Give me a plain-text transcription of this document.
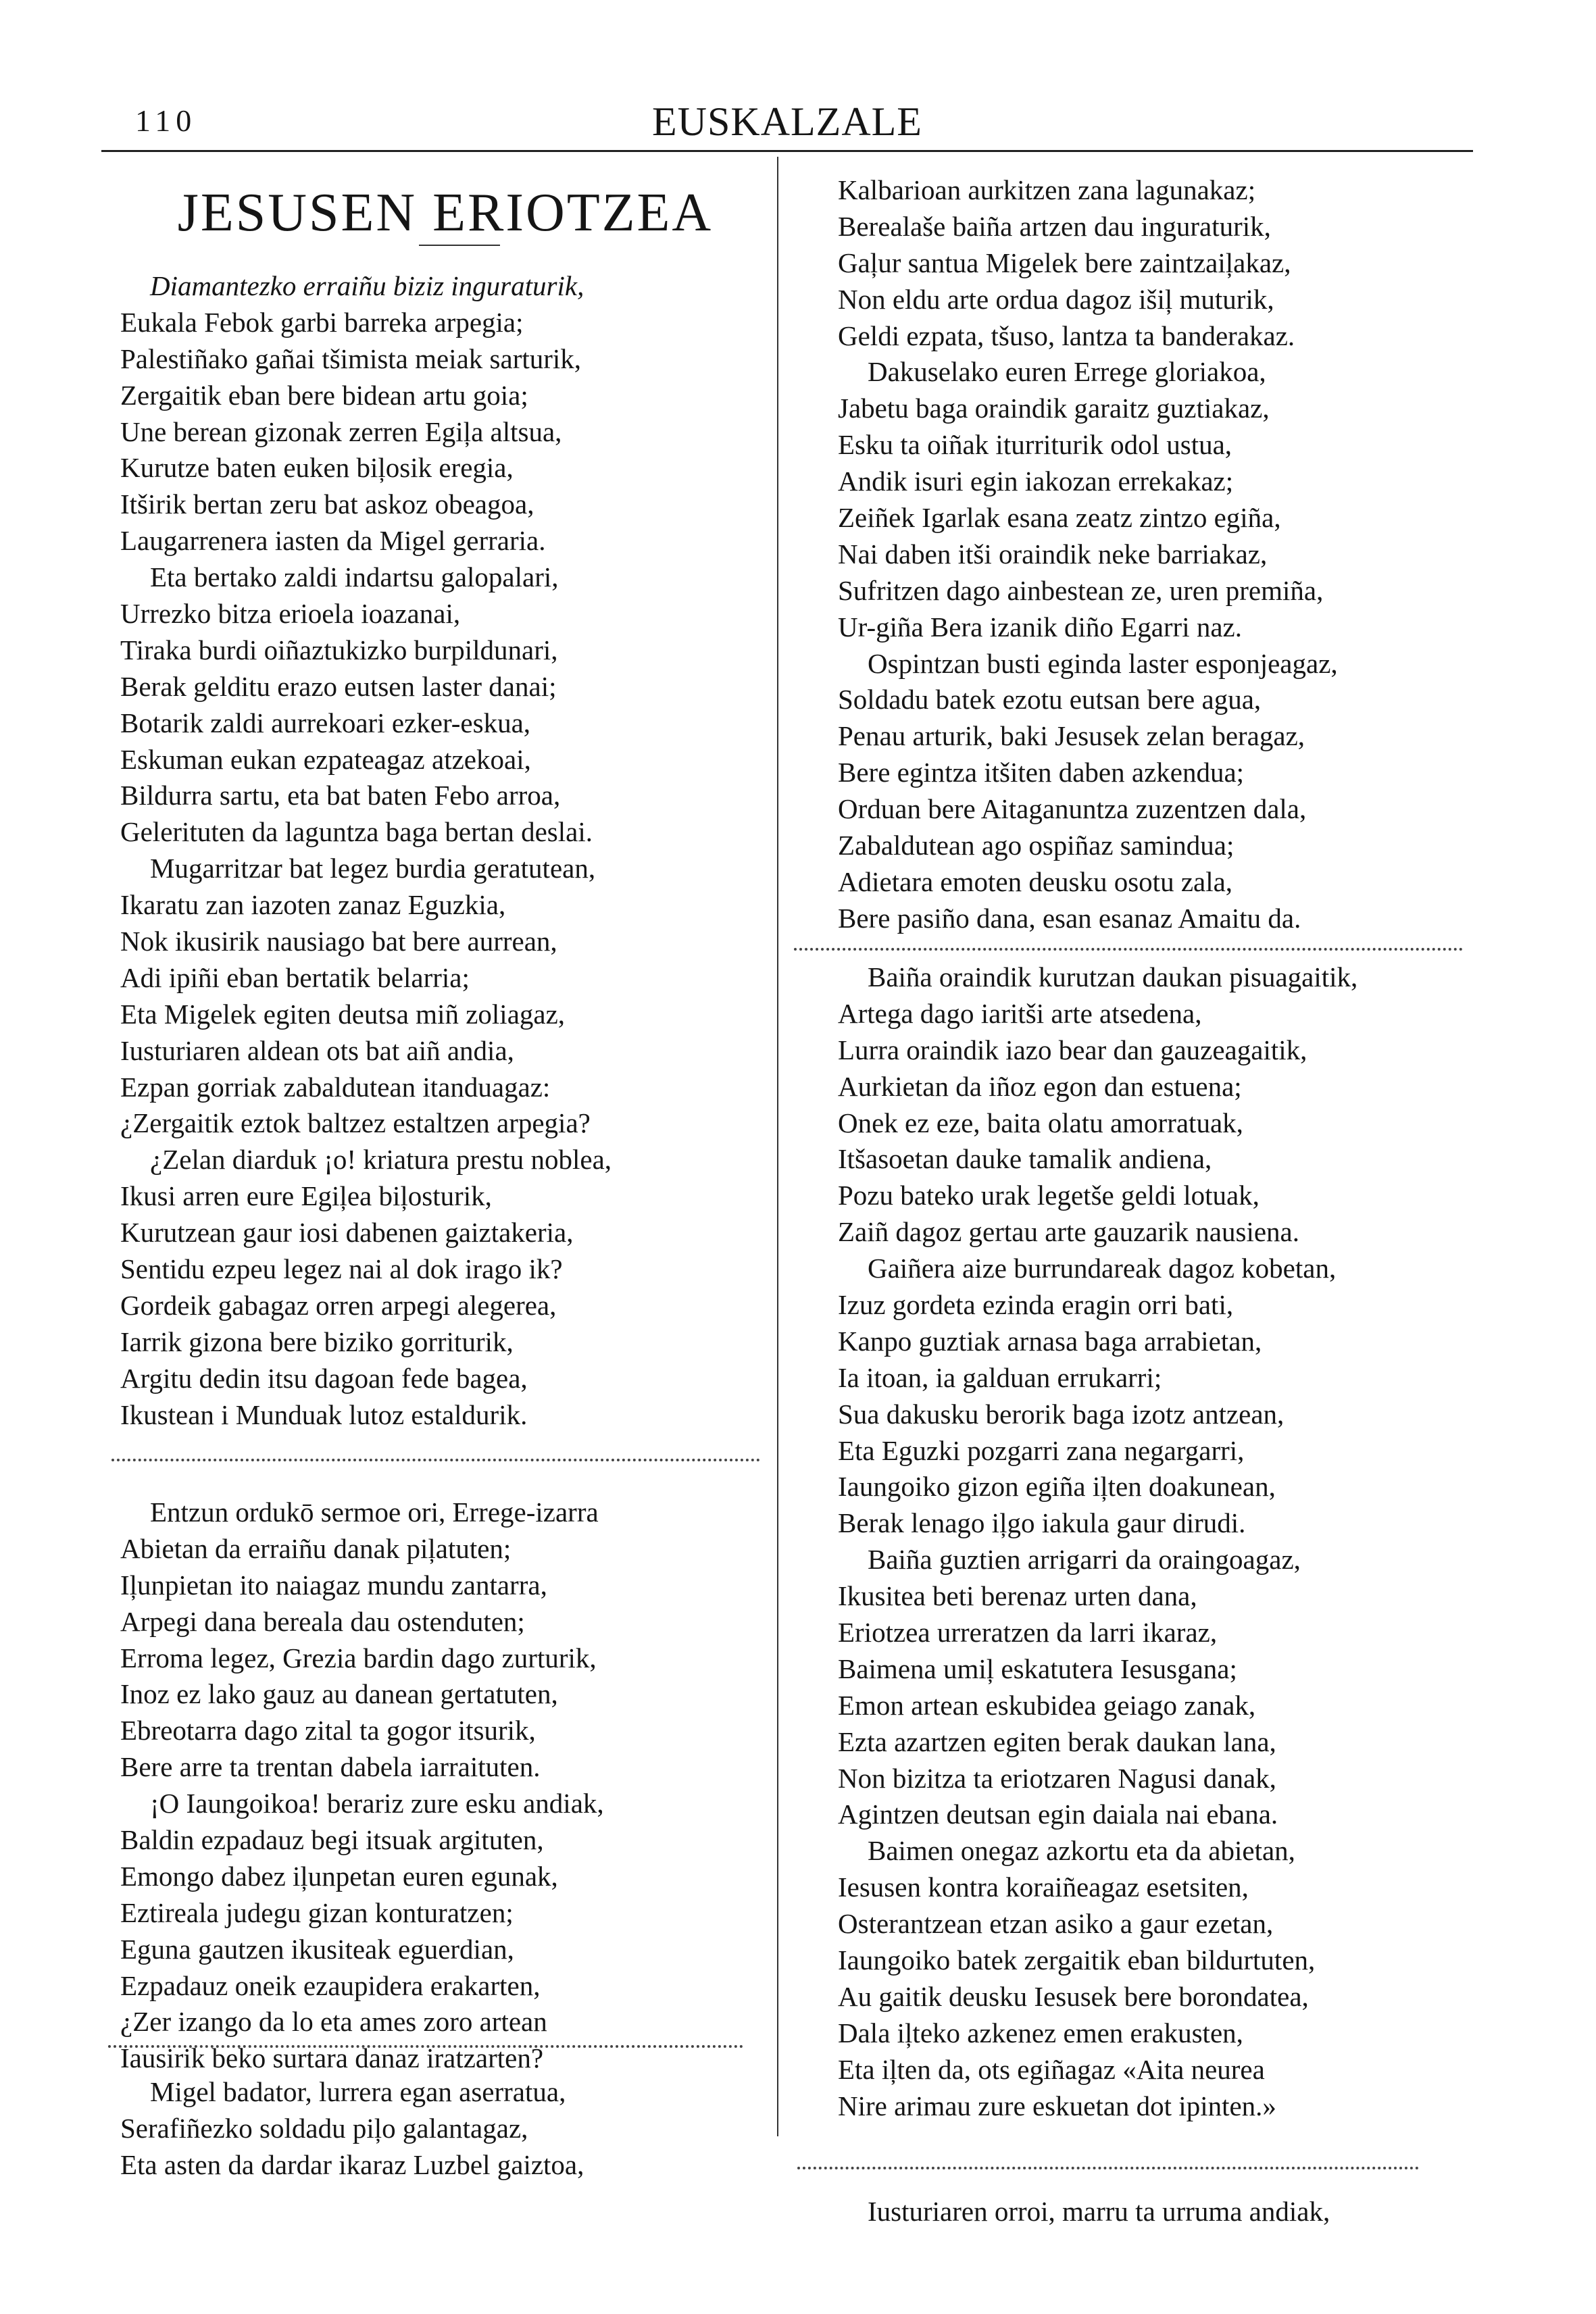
110	EUSKALZALE
JESUSEN ERIOTZEA
Diamantezko erraiñu biziz inguraturik,
Eukala Febok garbi barreka arpegia;
Palestiñako gañai tšimista meiak sarturik,
Zergaitik eban bere bidean artu goia;
Une berean gizonak zerren Egiļa altsua,
Kurutze baten euken biļosik eregia,
Itširik bertan zeru bat askoz obeagoa,
Laugarrenera iasten da Migel gerraria.
Eta bertako zaldi indartsu galopalari,
Urrezko bitza erioela ioazanai,
Tiraka burdi oiñaztukizko burpildunari,
Berak gelditu erazo eutsen laster danai;
Botarik zaldi aurrekoari ezker-eskua,
Eskuman eukan ezpateagaz atzekoai,
Bildurra sartu, eta bat baten Febo arroa,
Gelerituten da laguntza baga bertan deslai.
Mugarritzar bat legez burdia geratutean,
Ikaratu zan iazoten zanaz Eguzkia,
Nok ikusirik nausiago bat bere aurrean,
Adi ipiñi eban bertatik belarria;
Eta Migelek egiten deutsa miñ zoliagaz,
Iusturiaren aldean ots bat aiñ andia,
Ezpan gorriak zabaldutean itanduagaz:
¿Zergaitik eztok baltzez estaltzen arpegia?
¿Zelan diarduk ¡o! kriatura prestu noblea,
Ikusi arren eure Egiļea biļosturik,
Kurutzean gaur iosi dabenen gaiztakeria,
Sentidu ezpeu legez nai al dok irago ik?
Gordeik gabagaz orren arpegi alegerea,
Iarrik gizona bere biziko gorriturik,
Argitu dedin itsu dagoan fede bagea,
Ikustean i Munduak lutoz estaldurik.
Entzun ordukō sermoe ori, Errege-izarra
Abietan da erraiñu danak piļatuten;
Iļunpietan ito naiagaz mundu zantarra,
Arpegi dana bereala dau ostenduten;
Erroma legez, Grezia bardin dago zurturik,
Inoz ez lako gauz au danean gertatuten,
Ebreotarra dago zital ta gogor itsurik,
Bere arre ta trentan dabela iarraituten.
¡O Iaungoikoa! berariz zure esku andiak,
Baldin ezpadauz begi itsuak argituten,
Emongo dabez iļunpetan euren egunak,
Eztireala judegu gizan konturatzen;
Eguna gautzen ikusiteak eguerdian,
Ezpadauz oneik ezaupidera erakarten,
¿Zer izango da lo eta ames zoro artean
Iausirik beko surtara danaz iratzarten?
Migel badator, lurrera egan aserratua,
Serafiñezko soldadu piļo galantagaz,
Eta asten da dardar ikaraz Luzbel gaiztoa,
Kalbarioan aurkitzen zana lagunakaz;
Berealaše baiña artzen dau inguraturik,
Gaļur santua Migelek bere zaintzaiļakaz,
Non eldu arte ordua dagoz išiļ muturik,
Geldi ezpata, tšuso, lantza ta banderakaz.
Dakuselako euren Errege gloriakoa,
Jabetu baga oraindik garaitz guztiakaz,
Esku ta oiñak iturriturik odol ustua,
Andik isuri egin iakozan errekakaz;
Zeiñek Igarlak esana zeatz zintzo egiña,
Nai daben itši oraindik neke barriakaz,
Sufritzen dago ainbestean ze, uren premiña,
Ur-giña Bera izanik diño Egarri naz.
Ospintzan busti eginda laster esponjeagaz,
Soldadu batek ezotu eutsan bere agua,
Penau arturik, baki Jesusek zelan beragaz,
Bere egintza itšiten daben azkendua;
Orduan bere Aitaganuntza zuzentzen dala,
Zabaldutean ago ospiñaz samindua;
Adietara emoten deusku osotu zala,
Bere pasiño dana, esan esanaz Amaitu da.
Baiña oraindik kurutzan daukan pisuagaitik,
Artega dago iaritši arte atsedena,
Lurra oraindik iazo bear dan gauzeagaitik,
Aurkietan da iñoz egon dan estuena;
Onek ez eze, baita olatu amorratuak,
Itšasoetan dauke tamalik andiena,
Pozu bateko urak legetše geldi lotuak,
Zaiñ dagoz gertau arte gauzarik nausiena.
Gaiñera aize burrundareak dagoz kobetan,
Izuz gordeta ezinda eragin orri bati,
Kanpo guztiak arnasa baga arrabietan,
Ia itoan, ia galduan errukarri;
Sua dakusku berorik baga izotz antzean,
Eta Eguzki pozgarri zana negargarri,
Iaungoiko gizon egiña iļten doakunean,
Berak lenago iļgo iakula gaur dirudi.
Baiña guztien arrigarri da oraingoagaz,
Ikusitea beti berenaz urten dana,
Eriotzea urreratzen da larri ikaraz,
Baimena umiļ eskatutera Iesusgana;
Emon artean eskubidea geiago zanak,
Ezta azartzen egiten berak daukan lana,
Non bizitza ta eriotzaren Nagusi danak,
Agintzen deutsan egin daiala nai ebana.
Baimen onegaz azkortu eta da abietan,
Iesusen kontra koraiñeagaz esetsiten,
Osterantzean etzan asiko a gaur ezetan,
Iaungoiko batek zergaitik eban bildurtuten,
Au gaitik deusku Iesusek bere borondatea,
Dala iļteko azkenez emen erakusten,
Eta iļten da, ots egiñagaz «Aita neurea
Nire arimau zure eskuetan dot ipinten.»
Iusturiaren orroi, marru ta urruma andiak,
